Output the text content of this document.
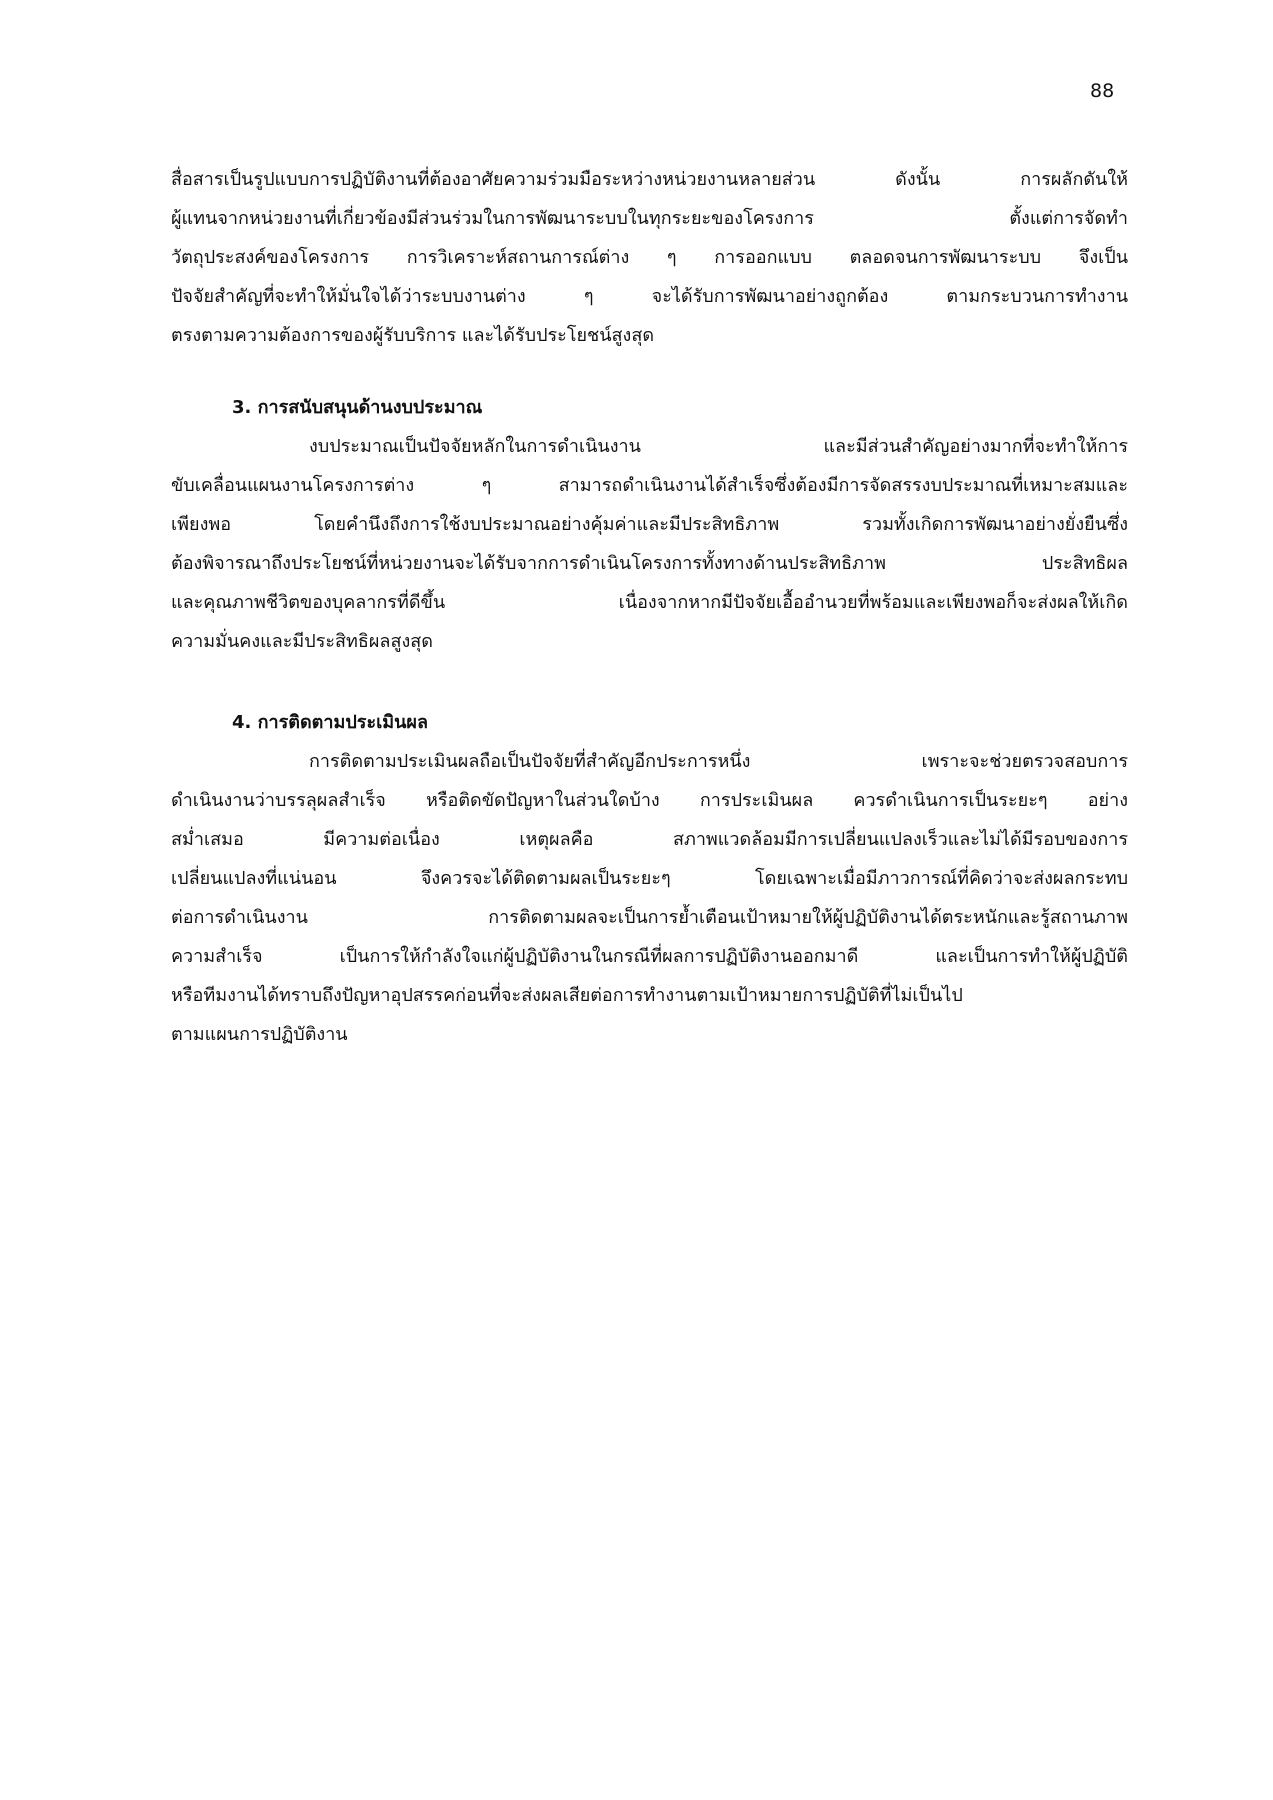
88
สื่อสารเป็นรูปแบบการปฏิบัติงานที่ต้องอาศัยความร่วมมือระหว่างหน่วยงานหลายส่วน ดังนั้น การผลักดันให้
ผู้แทนจากหน่วยงานที่เกี่ยวข้องมีส่วนร่วมในการพัฒนาระบบในทุกระยะของโครงการ ตั้งแต่การจัดทำ
วัตถุประสงค์ของโครงการ การวิเคราะห์สถานการณ์ต่าง ๆ การออกแบบ ตลอดจนการพัฒนาระบบ จึงเป็น
ปัจจัยสำคัญที่จะทำให้มั่นใจได้ว่าระบบงานต่าง ๆ จะได้รับการพัฒนาอย่างถูกต้อง ตามกระบวนการทำงาน
ตรงตามความต้องการของผู้รับบริการ และได้รับประโยชน์สูงสุด
3. การสนับสนุนด้านงบประมาณ
งบประมาณเป็นปัจจัยหลักในการดำเนินงาน และมีส่วนสำคัญอย่างมากที่จะทำให้การ
ขับเคลื่อนแผนงานโครงการต่าง ๆ สามารถดำเนินงานได้สำเร็จซึ่งต้องมีการจัดสรรงบประมาณที่เหมาะสมและ
เพียงพอ โดยคำนึงถึงการใช้งบประมาณอย่างคุ้มค่าและมีประสิทธิภาพ รวมทั้งเกิดการพัฒนาอย่างยั่งยืนซึ่ง
ต้องพิจารณาถึงประโยชน์ที่หน่วยงานจะได้รับจากการดำเนินโครงการทั้งทางด้านประสิทธิภาพ ประสิทธิผล
และคุณภาพชีวิตของบุคลากรที่ดีขึ้น เนื่องจากหากมีปัจจัยเอื้ออำนวยที่พร้อมและเพียงพอก็จะส่งผลให้เกิด
ความมั่นคงและมีประสิทธิผลสูงสุด
4. การติดตามประเมินผล
การติดตามประเมินผลถือเป็นปัจจัยที่สำคัญอีกประการหนึ่ง เพราะจะช่วยตรวจสอบการ
ดำเนินงานว่าบรรลุผลสำเร็จ หรือติดขัดปัญหาในส่วนใดบ้าง การประเมินผล ควรดำเนินการเป็นระยะๆ อย่าง
สม่ำเสมอ มีความต่อเนื่อง เหตุผลคือ สภาพแวดล้อมมีการเปลี่ยนแปลงเร็วและไม่ได้มีรอบของการ
เปลี่ยนแปลงที่แน่นอน จึงควรจะได้ติดตามผลเป็นระยะๆ โดยเฉพาะเมื่อมีภาวการณ์ที่คิดว่าจะส่งผลกระทบ
ต่อการดำเนินงาน การติดตามผลจะเป็นการย้ำเตือนเป้าหมายให้ผู้ปฏิบัติงานได้ตระหนักและรู้สถานภาพ
ความสำเร็จ เป็นการให้กำลังใจแก่ผู้ปฏิบัติงานในกรณีที่ผลการปฏิบัติงานออกมาดี และเป็นการทำให้ผู้ปฏิบัติ
หรือทีมงานได้ทราบถึงปัญหาอุปสรรคก่อนที่จะส่งผลเสียต่อการทำงานตามเป้าหมายการปฏิบัติที่ไม่เป็นไป
ตามแผนการปฏิบัติงาน
